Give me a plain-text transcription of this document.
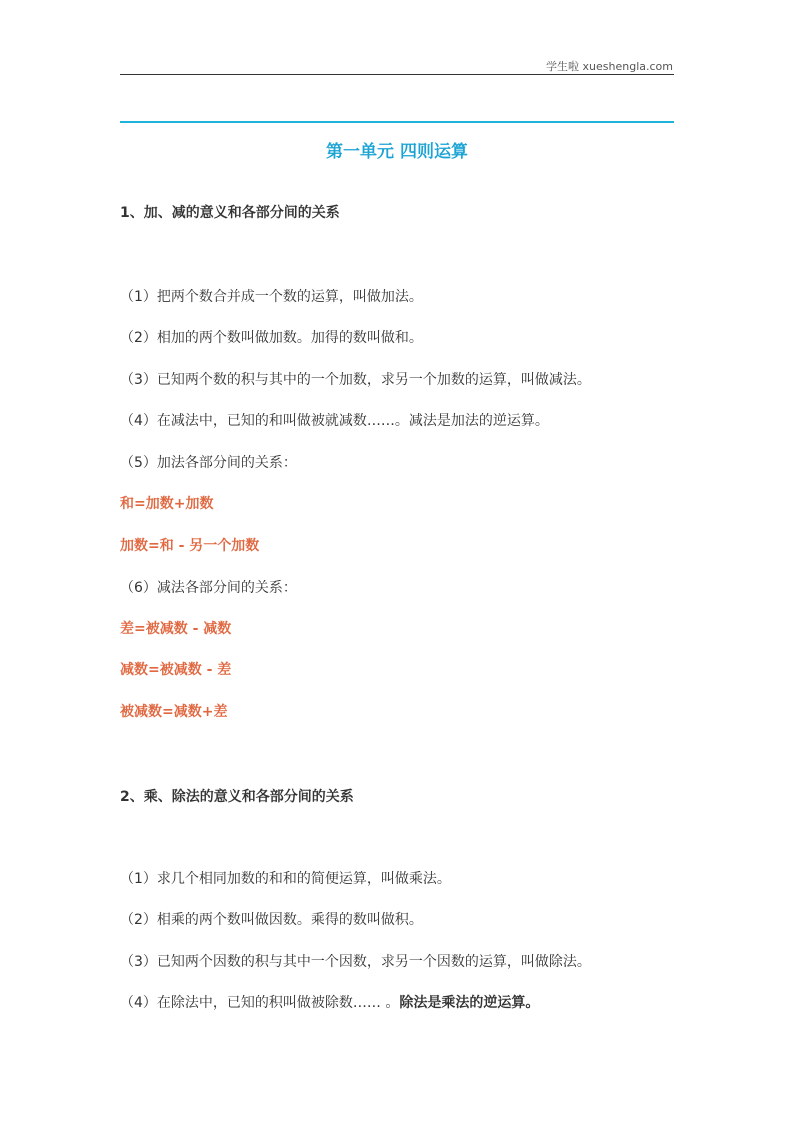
学生啦 xueshengla.com
第一单元 四则运算
1、加、减的意义和各部分间的关系
（1）把两个数合并成一个数的运算，叫做加法。
（2）相加的两个数叫做加数。加得的数叫做和。
（3）已知两个数的积与其中的一个加数，求另一个加数的运算，叫做减法。
（4）在减法中，已知的和叫做被就减数……。减法是加法的逆运算。
（5）加法各部分间的关系：
和=加数+加数
加数=和 - 另一个加数
（6）减法各部分间的关系：
差=被减数 - 减数
减数=被减数 - 差
被减数=减数+差
2、乘、除法的意义和各部分间的关系
（1）求几个相同加数的和和的简便运算，叫做乘法。
（2）相乘的两个数叫做因数。乘得的数叫做积。
（3）已知两个因数的积与其中一个因数，求另一个因数的运算，叫做除法。
（4）在除法中，已知的积叫做被除数…… 。除法是乘法的逆运算。
